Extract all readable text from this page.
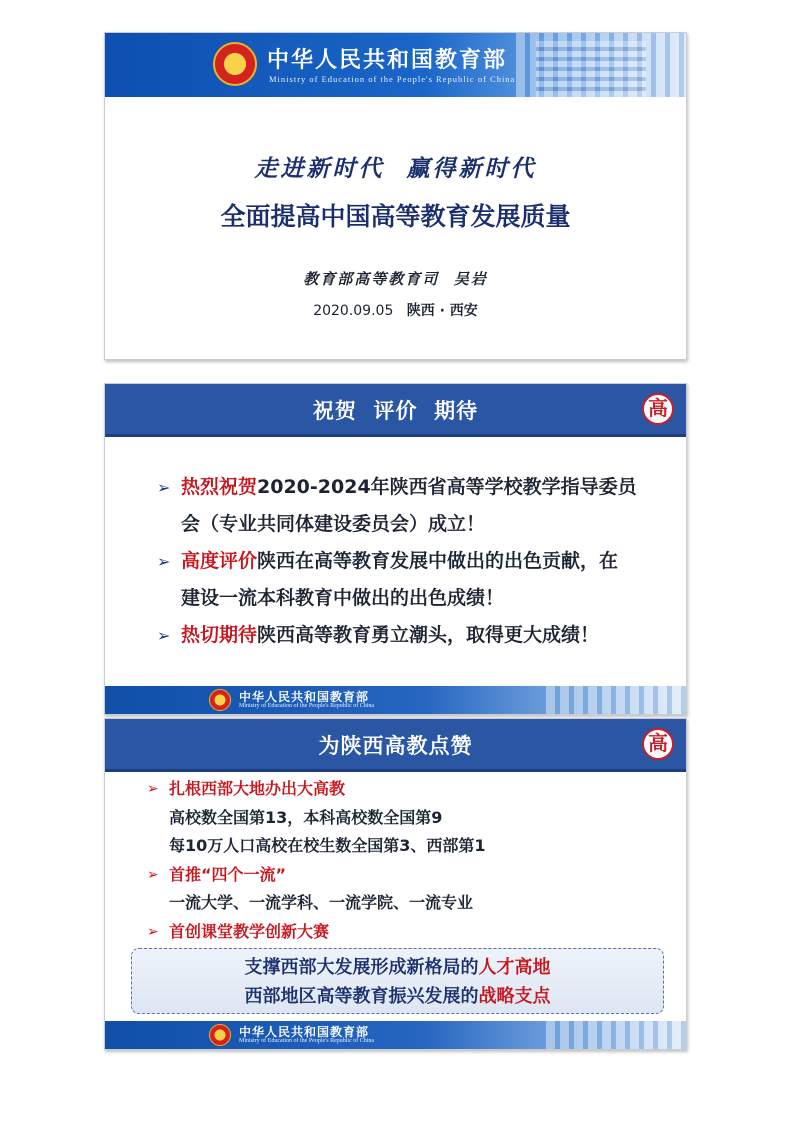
★
中华人民共和国教育部
Ministry of Education of the People's Republic of China
走进新时代  赢得新时代
全面提高中国高等教育发展质量
教育部高等教育司  吴岩
2020.09.05 陕西 · 西安
祝贺  评价  期待	高
➢ 热烈祝贺2020-2024年陕西省高等学校教学指导委员
会（专业共同体建设委员会）成立！
➢ 高度评价陕西在高等教育发展中做出的出色贡献，在
建设一流本科教育中做出的出色成绩！
➢ 热切期待陕西高等教育勇立潮头，取得更大成绩！
★
中华人民共和国教育部
Ministry of Education of the People's Republic of China
为陕西高教点赞	高
➢ 扎根西部大地办出大高教
高校数全国第13，本科高校数全国第9
每10万人口高校在校生数全国第3、西部第1
➢ 首推“四个一流”
一流大学、一流学科、一流学院、一流专业
➢ 首创课堂教学创新大赛
支撑西部大发展形成新格局的人才高地
西部地区高等教育振兴发展的战略支点
★
中华人民共和国教育部
Ministry of Education of the People's Republic of China
